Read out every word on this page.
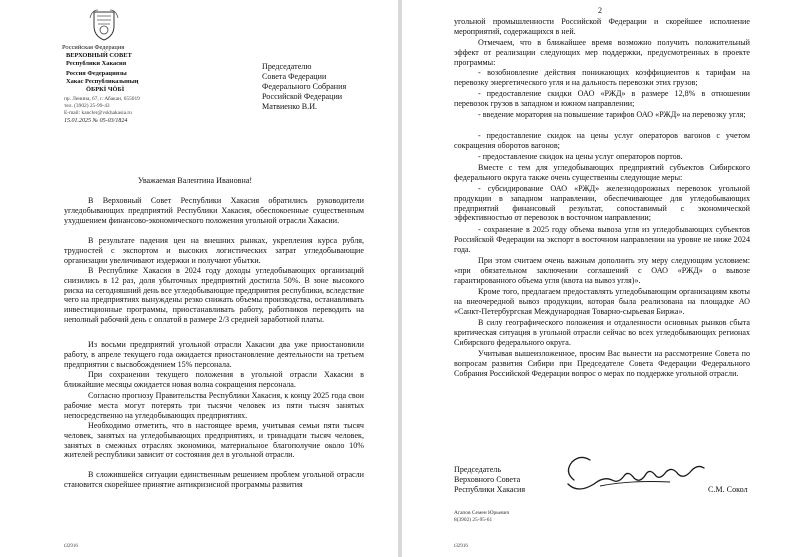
Российская Федерация
ВЕРХОВНЫЙ СОВЕТ
Республики Хакасия
Россия Федерациязы
Хакас Республиказының
ÖБРКİ ЧÖБİ
пр. Ленина, 67, г. Абакан, 655019
тел. (3902) 25-99-43
E-mail: kancler@vskhakasia.ru
15.01.2025 № 05-03/1824
Председателю
Совета Федерации
Федерального Собрания
Российской Федерации
Матвиенко В.И.
Уважаемая Валентина Ивановна!
В Верховный Совет Республики Хакасия обратились руководители угледобывающих предприятий Республики Хакасия, обеспокоенные существенным ухудшением финансово-экономического положения угольной отрасли Хакасии.
В результате падения цен на внешних рынках, укрепления курса рубля, трудностей с экспортом и высоких логистических затрат угледобывающие организации увеличивают издержки и получают убытки.
В Республике Хакасия в 2024 году доходы угледобывающих организаций снизились в 12 раз, доля убыточных предприятий достигла 50%. В зоне высокого риска на сегодняшний день все угледобывающие предприятия республики, вследствие чего на предприятиях вынуждены резко снижать объемы производства, останавливать инвестиционные программы, приостанавливать работу, работников переводить на неполный рабочий день с оплатой в размере 2/3 средней заработной платы.
Из восьми предприятий угольной отрасли Хакасии два уже приостановили работу, в апреле текущего года ожидается приостановление деятельности на третьем предприятии с высвобождением 15% персонала.
При сохранении текущего положения в угольной отрасли Хакасии в ближайшие месяцы ожидается новая волна сокращения персонала.
Согласно прогнозу Правительства Республики Хакасия, к концу 2025 года свои рабочие места могут потерять три тысячи человек из пяти тысяч занятых непосредственно на угледобывающих предприятиях.
Необходимо отметить, что в настоящее время, учитывая семьи пяти тысяч человек, занятых на угледобывающих предприятиях, и тринадцати тысяч человек, занятых в смежных отраслях экономики, материальное благополучие около 10% жителей республики зависит от состояния дел в угольной отрасли.
В сложившейся ситуации единственным решением проблем угольной отрасли становится скорейшее принятие антикризисной программы развития
t32916
2
угольной промышленности Российской Федерации и скорейшее исполнение мероприятий, содержащихся в ней.
Отмечаем, что в ближайшее время возможно получить положительный эффект от реализации следующих мер поддержки, предусмотренных в проекте программы:
- возобновление действия понижающих коэффициентов к тарифам на перевозку энергетического угля и на дальность перевозки этих грузов;
- предоставление скидки ОАО «РЖД» в размере 12,8% в отношении перевозок грузов в западном и южном направлении;
- введение моратория на повышение тарифов ОАО «РЖД» на перевозку угля;
- предоставление скидок на цены услуг операторов вагонов с учетом сокращения оборотов вагонов;
- предоставление скидок на цены услуг операторов портов.
Вместе с тем для угледобывающих предприятий субъектов Сибирского федерального округа также очень существенны следующие меры:
- субсидирование ОАО «РЖД» железнодорожных перевозок угольной продукции в западном направлении, обеспечивающее для угледобывающих предприятий финансовый результат, сопоставимый с экономической эффективностью от перевозок в восточном направлении;
- сохранение в 2025 году объема вывоза угля из угледобывающих субъектов Российской Федерации на экспорт в восточном направлении на уровне не ниже 2024 года.
При этом считаем очень важным дополнить эту меру следующим условием: «при обязательном заключении соглашений с ОАО «РЖД» о вывозе гарантированного объема угля (квота на вывоз угля)».
Кроме того, предлагаем предоставлять угледобывающим организациям квоты на внеочередной вывоз продукции, которая была реализована на площадке АО «Санкт-Петербургская Международная Товарно-сырьевая Биржа».
В силу географического положения и отдаленности основных рынков сбыта критическая ситуация в угольной отрасли сейчас во всех угледобывающих регионах Сибирского федерального округа.
Учитывая вышеизложенное, просим Вас вынести на рассмотрение Совета по вопросам развития Сибири при Председателе Совета Федерации Федерального Собрания Российской Федерации вопрос о мерах по поддержке угольной отрасли.
Председатель
Верховного Совета
Республики Хакасия	С.М. Сокол
Агапов Семен Юрьевич
8(3902) 25-95-61
t32916
